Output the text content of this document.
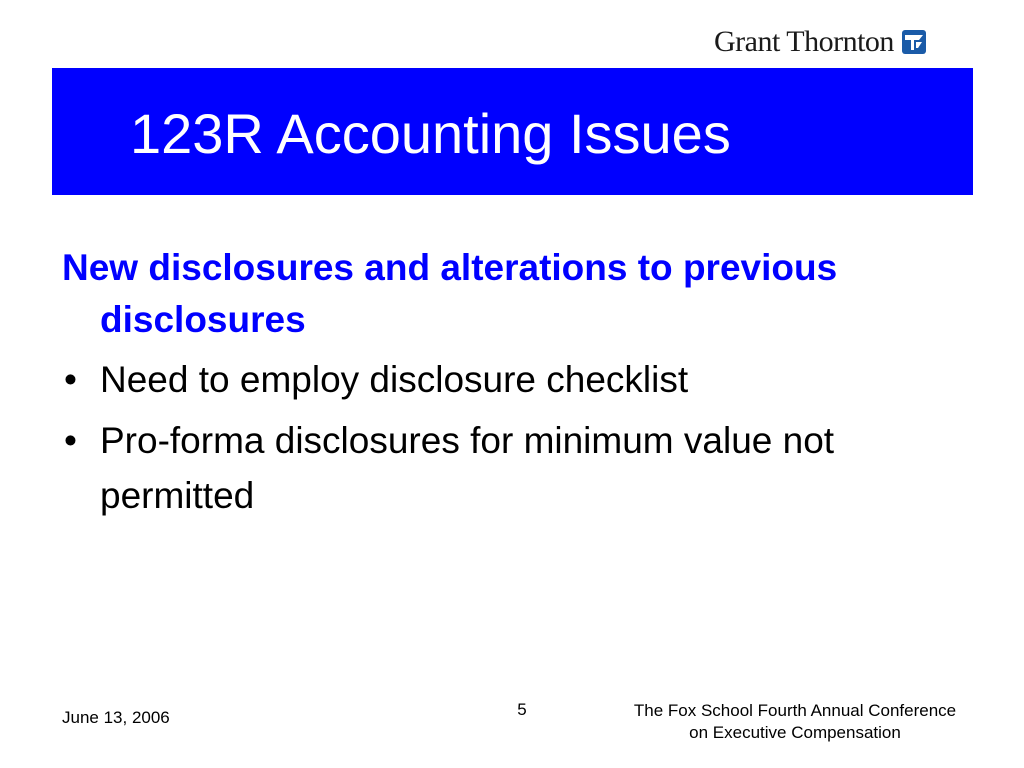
Grant Thornton
123R Accounting Issues

New disclosures and alterations to previous disclosures

• Need to employ disclosure checklist
• Pro-forma disclosures for minimum value not permitted
June 13, 2006	5	The Fox School Fourth Annual Conference
on Executive Compensation
